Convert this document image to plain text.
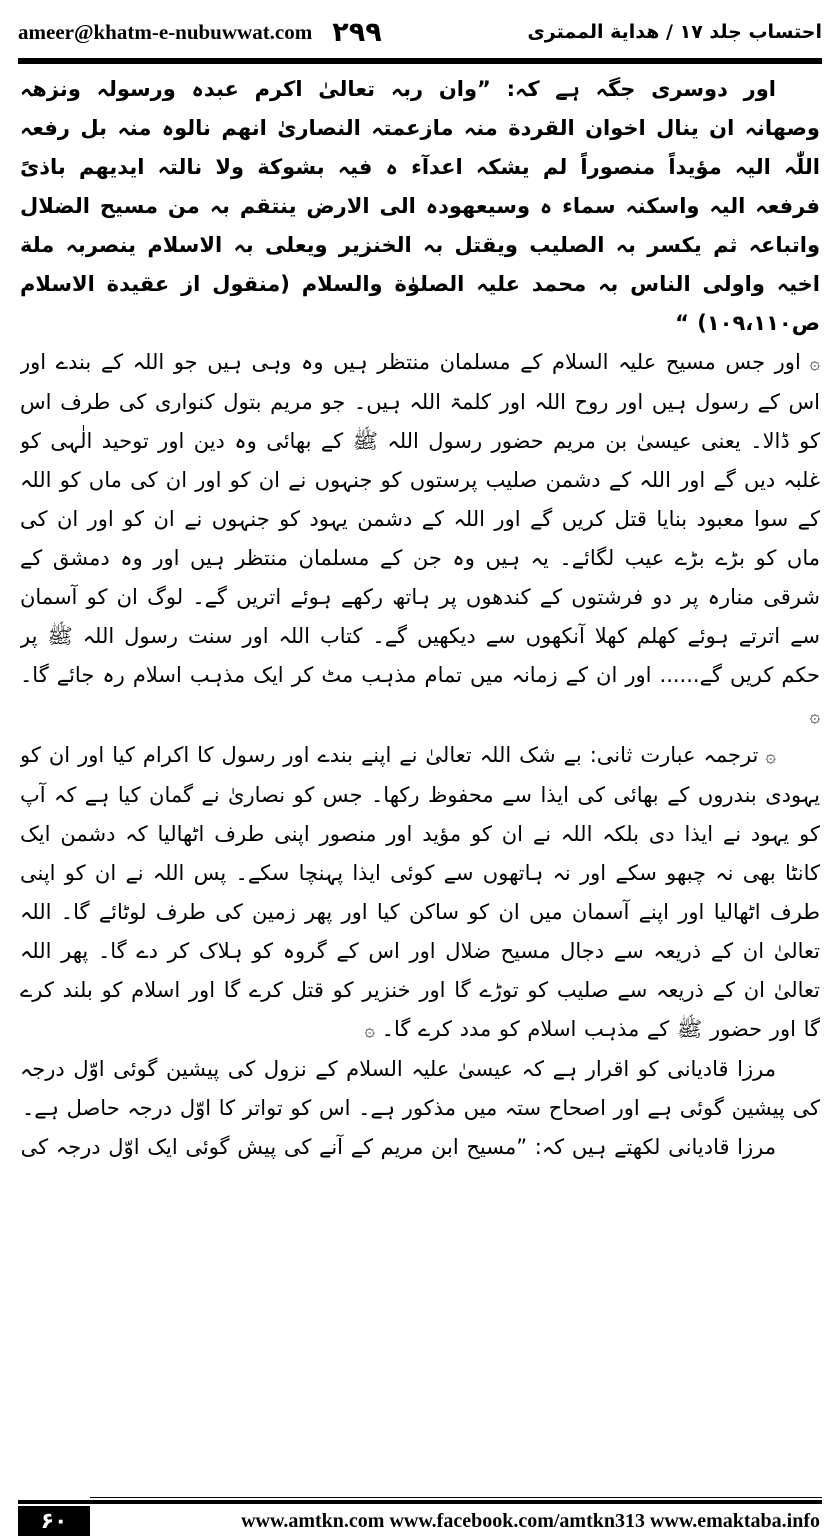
ameer@khatm-e-nubuwwat.com ۲۹۹	احتساب جلد ۱۷ / هداية الممترى

اور دوسری جگہ ہے کہ: ”وان ربہ تعالیٰ اکرم عبدہ ورسولہ ونزھہ وصھانہ ان ینال اخوان القردة منہ مازعمتہ النصاریٰ انھم نالوہ منہ بل رفعہ اللّٰہ الیہ مؤیداً منصوراً لم یشکہ اعدآء ہ فیہ بشوکة ولا نالتہ ایدیھم باذیً فرفعہ الیہ واسکنہ سماء ہ وسیعھودہ الی الارض ینتقم بہ من مسیح الضلال واتباعہ ثم یکسر بہ الصلیب ویقتل بہ الخنزیر ویعلی بہ الاسلام ینصربہ ملة اخیہ واولی الناس بہ محمد علیہ الصلوٰة والسلام (منقول از عقیدة الاسلام ص۱۰۹،۱۱۰) “

۞ اور جس مسیح علیہ السلام کے مسلمان منتظر ہیں وہ وہی ہیں جو اللہ کے بندے اور اس کے رسول ہیں اور روح اللہ اور کلمۃ اللہ ہیں۔ جو مریم بتول کنواری کی طرف اس کو ڈالا۔ یعنی عیسیٰ بن مریم حضور رسول اللہ ﷺ کے بھائی وہ دین اور توحید الٰہی کو غلبہ دیں گے اور اللہ کے دشمن صلیب پرستوں کو جنہوں نے ان کو اور ان کی ماں کو اللہ کے سوا معبود بنایا قتل کریں گے اور اللہ کے دشمن یہود کو جنہوں نے ان کو اور ان کی ماں کو بڑے بڑے عیب لگائے۔ یہ ہیں وہ جن کے مسلمان منتظر ہیں اور وہ دمشق کے شرقی منارہ پر دو فرشتوں کے کندھوں پر ہاتھ رکھے ہوئے اتریں گے۔ لوگ ان کو آسمان سے اترتے ہوئے کھلم کھلا آنکھوں سے دیکھیں گے۔ کتاب اللہ اور سنت رسول اللہ ﷺ پر حکم کریں گے...... اور ان کے زمانہ میں تمام مذہب مٹ کر ایک مذہب اسلام رہ جائے گا۔ ۞

۞ ترجمہ عبارت ثانی: بے شک اللہ تعالیٰ نے اپنے بندے اور رسول کا اکرام کیا اور ان کو یہودی بندروں کے بھائی کی ایذا سے محفوظ رکھا۔ جس کو نصاریٰ نے گمان کیا ہے کہ آپ کو یہود نے ایذا دی بلکہ اللہ نے ان کو مؤید اور منصور اپنی طرف اٹھالیا کہ دشمن ایک کانٹا بھی نہ چبھو سکے اور نہ ہاتھوں سے کوئی ایذا پہنچا سکے۔ پس اللہ نے ان کو اپنی طرف اٹھالیا اور اپنے آسمان میں ان کو ساکن کیا اور پھر زمین کی طرف لوٹائے گا۔ اللہ تعالیٰ ان کے ذریعہ سے دجال مسیح ضلال اور اس کے گروہ کو ہلاک کر دے گا۔ پھر اللہ تعالیٰ ان کے ذریعہ سے صلیب کو توڑے گا اور خنزیر کو قتل کرے گا اور اسلام کو بلند کرے گا اور حضور ﷺ کے مذہب اسلام کو مدد کرے گا۔ ۞

مرزا قادیانی کو اقرار ہے کہ عیسیٰ علیہ السلام کے نزول کی پیشین گوئی اوّل درجہ کی پیشین گوئی ہے اور اصحاح ستہ میں مذکور ہے۔ اس کو تواتر کا اوّل درجہ حاصل ہے۔

مرزا قادیانی لکھتے ہیں کہ: ”مسیح ابن مریم کے آنے کی پیش گوئی ایک اوّل درجہ کی

۶۰	www.amtkn.com www.facebook.com/amtkn313 www.emaktaba.info
